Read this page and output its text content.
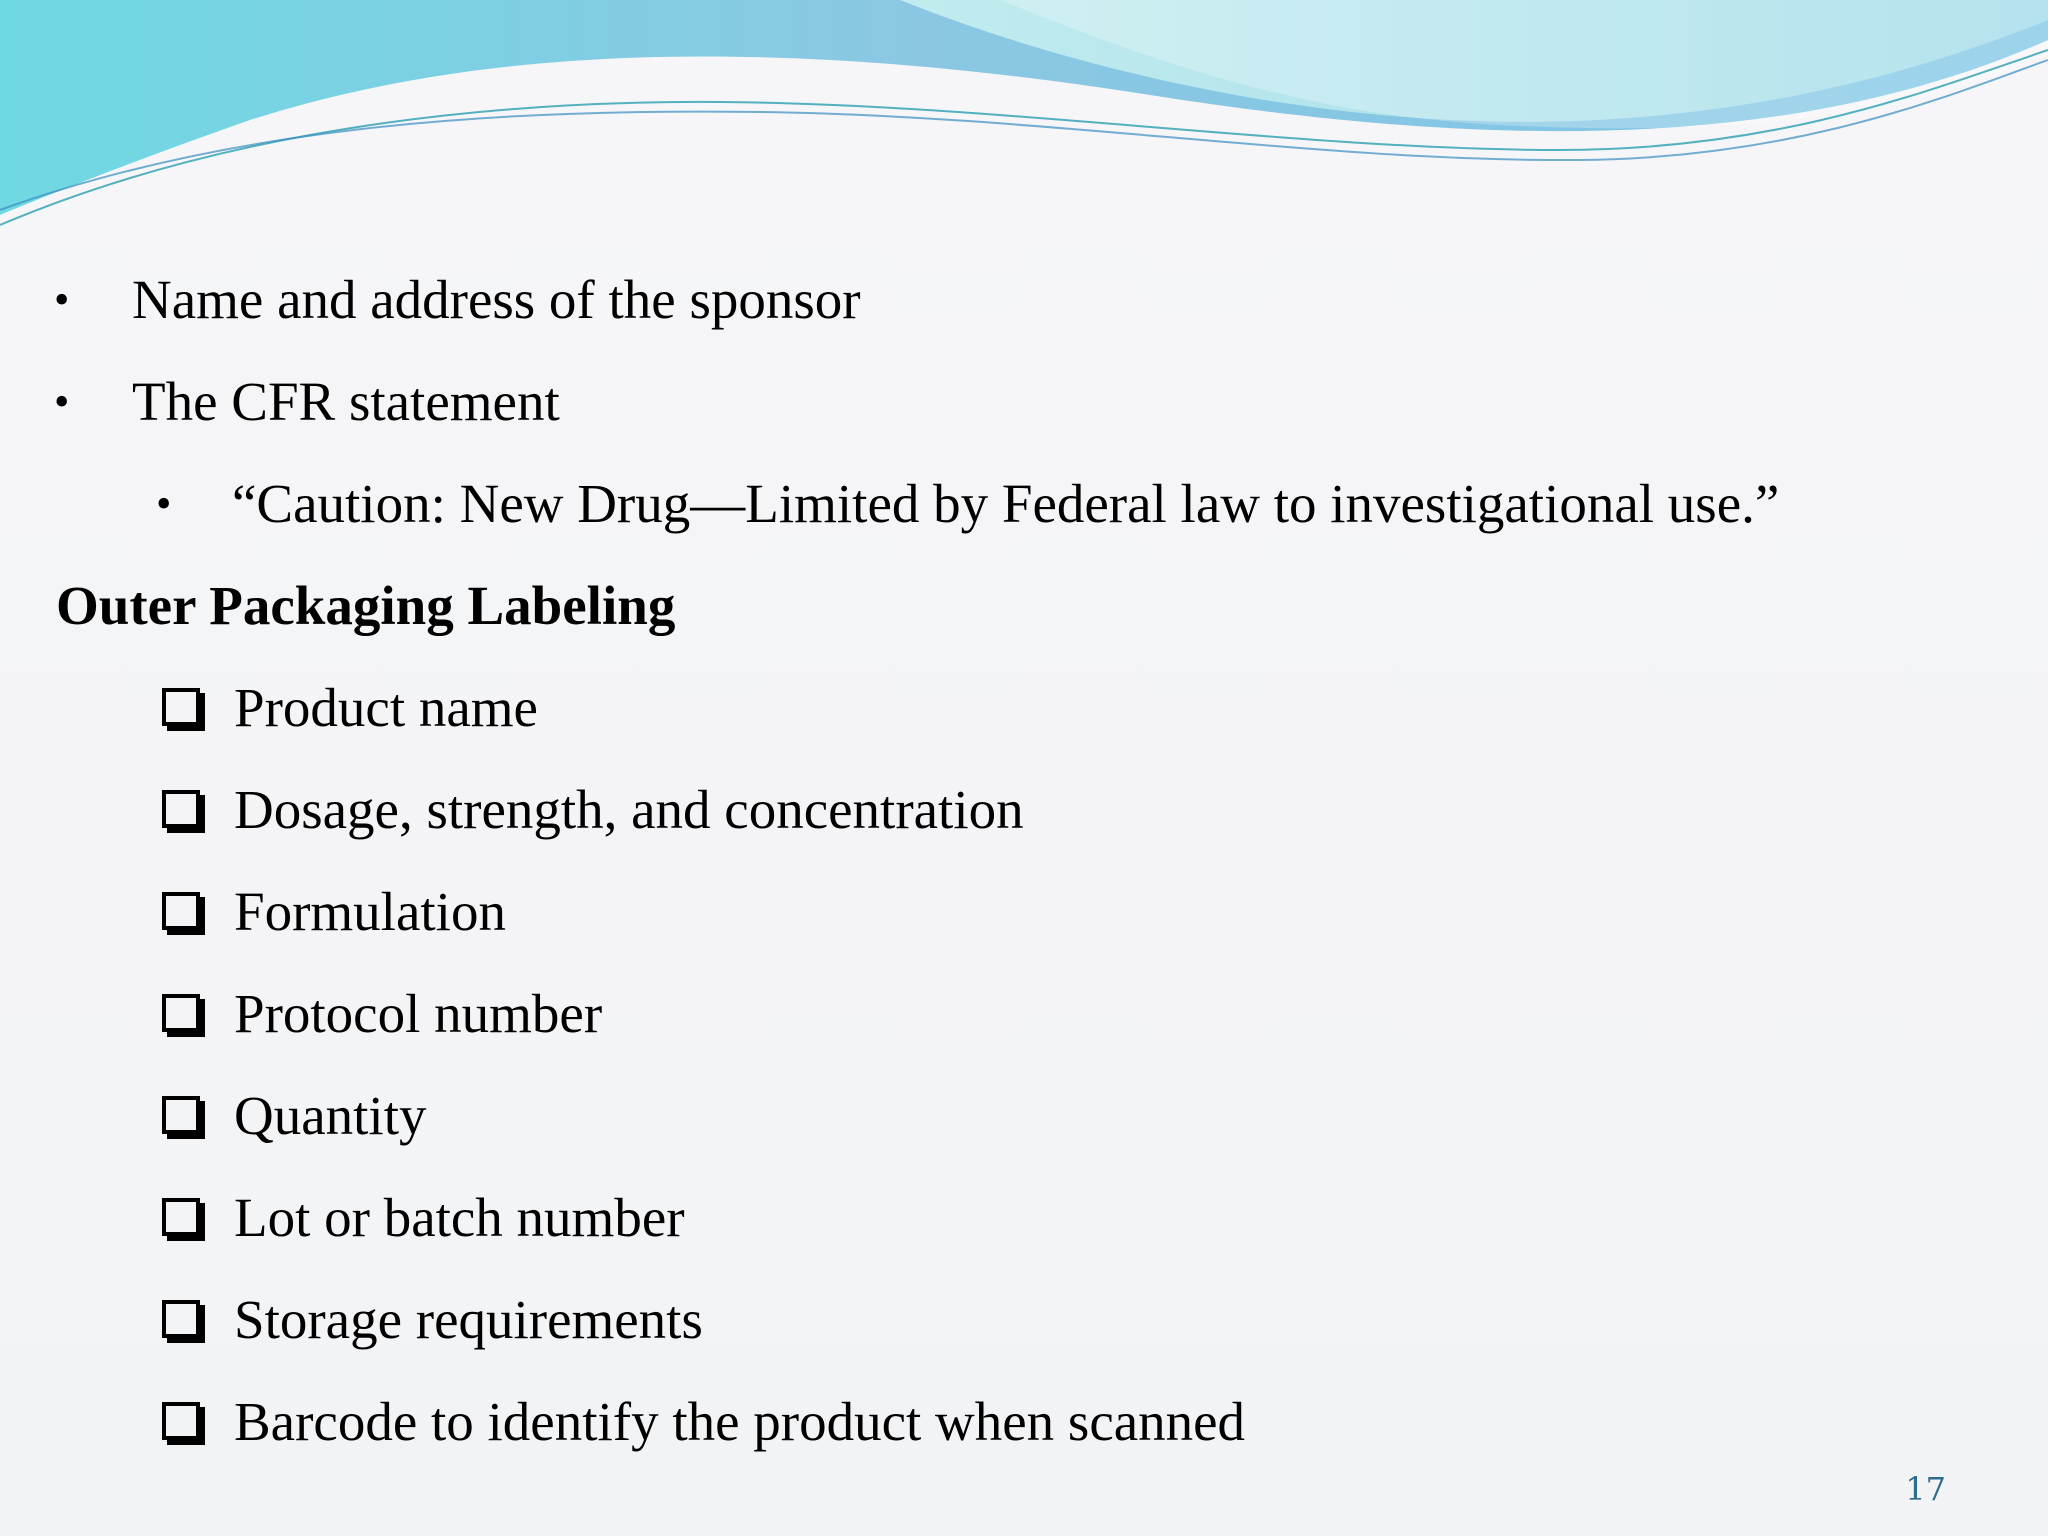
• Name and address of the sponsor
• The CFR statement
• “Caution: New Drug—Limited by Federal law to investigational use.”
Outer Packaging Labeling
Product name
Dosage, strength, and concentration
Formulation
Protocol number
Quantity
Lot or batch number
Storage requirements
Barcode to identify the product when scanned
17
